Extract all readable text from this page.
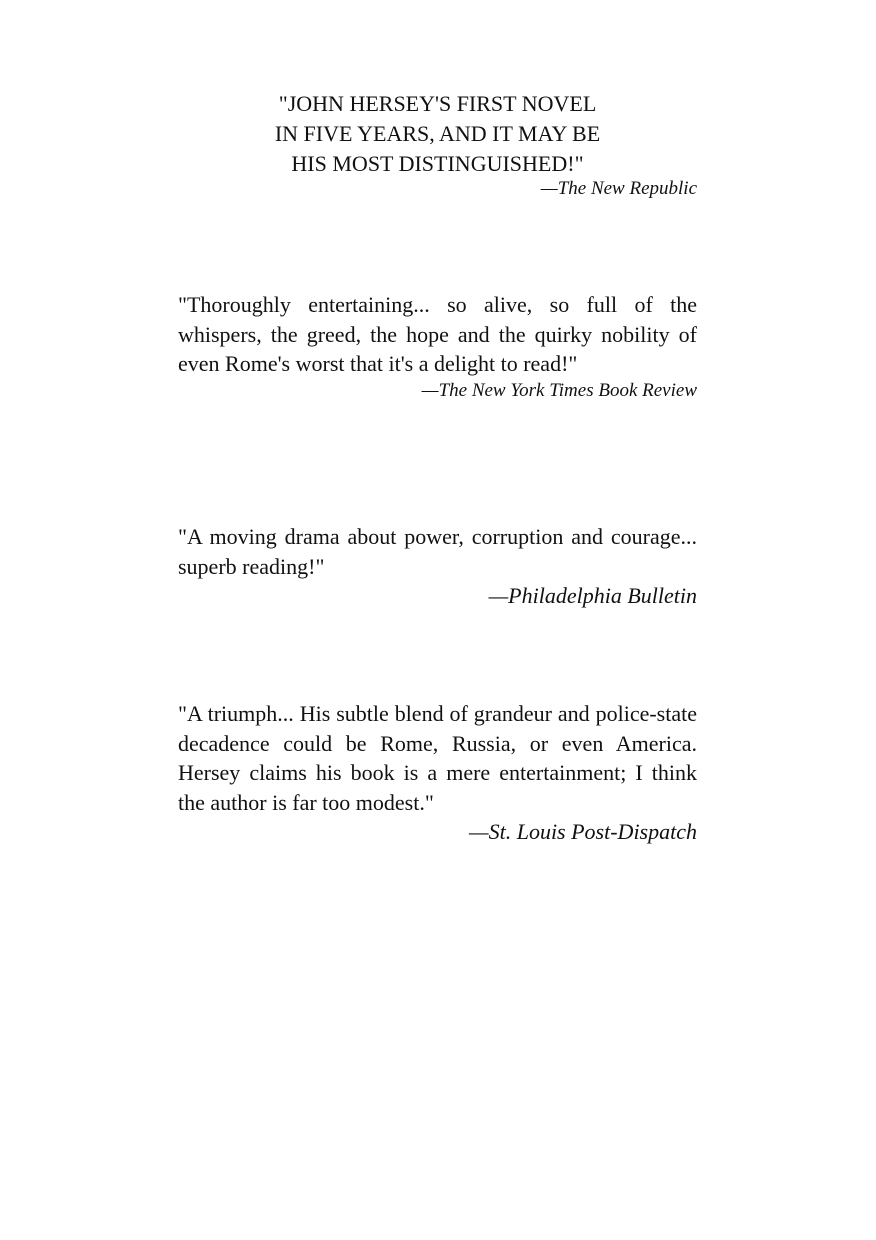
"JOHN HERSEY'S FIRST NOVEL
IN FIVE YEARS, AND IT MAY BE
HIS MOST DISTINGUISHED!"
—The New Republic
"Thoroughly entertaining... so alive, so full of the whispers, the greed, the hope and the quirky nobility of even Rome's worst that it's a delight to read!"
—The New York Times Book Review
"A moving drama about power, corruption and courage... superb reading!"
—Philadelphia Bulletin
"A triumph... His subtle blend of grandeur and police-state decadence could be Rome, Russia, or even America. Hersey claims his book is a mere entertainment; I think the author is far too modest."
—St. Louis Post-Dispatch
